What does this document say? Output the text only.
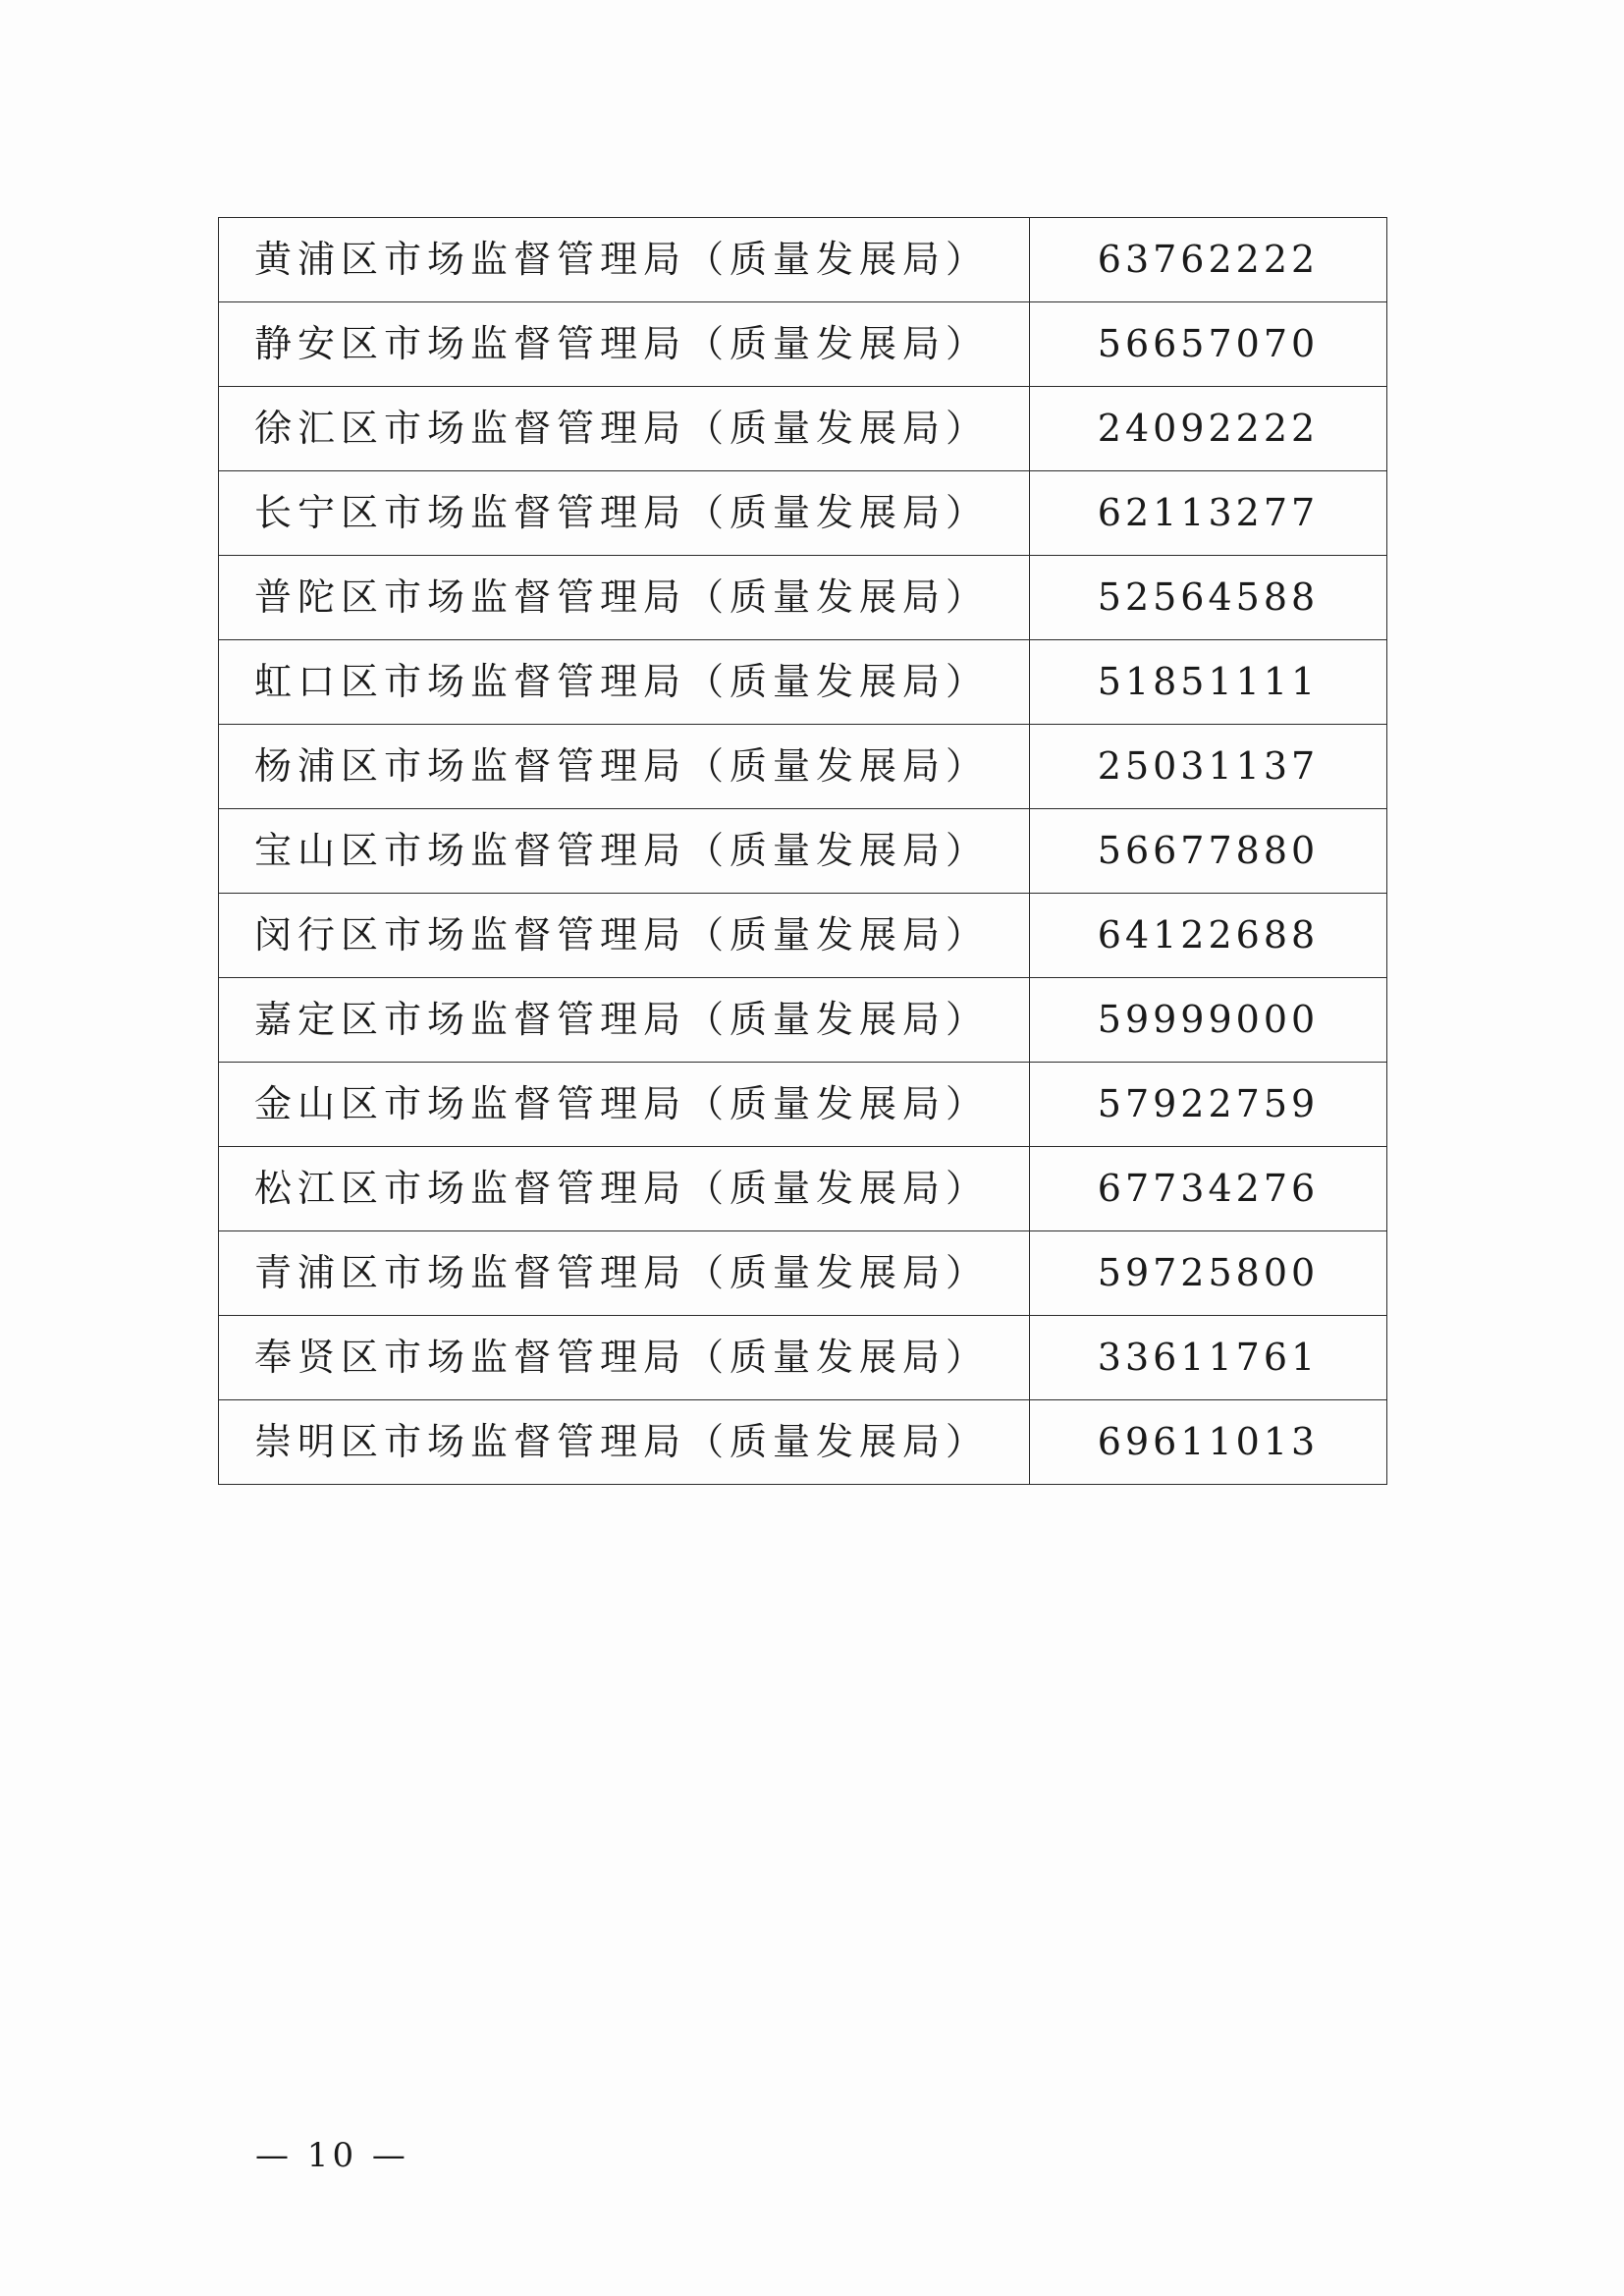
黄浦区市场监督管理局（质量发展局）	63762222
静安区市场监督管理局（质量发展局）	56657070
徐汇区市场监督管理局（质量发展局）	24092222
长宁区市场监督管理局（质量发展局）	62113277
普陀区市场监督管理局（质量发展局）	52564588
虹口区市场监督管理局（质量发展局）	51851111
杨浦区市场监督管理局（质量发展局）	25031137
宝山区市场监督管理局（质量发展局）	56677880
闵行区市场监督管理局（质量发展局）	64122688
嘉定区市场监督管理局（质量发展局）	59999000
金山区市场监督管理局（质量发展局）	57922759
松江区市场监督管理局（质量发展局）	67734276
青浦区市场监督管理局（质量发展局）	59725800
奉贤区市场监督管理局（质量发展局）	33611761
崇明区市场监督管理局（质量发展局）	69611013
— 10 —
